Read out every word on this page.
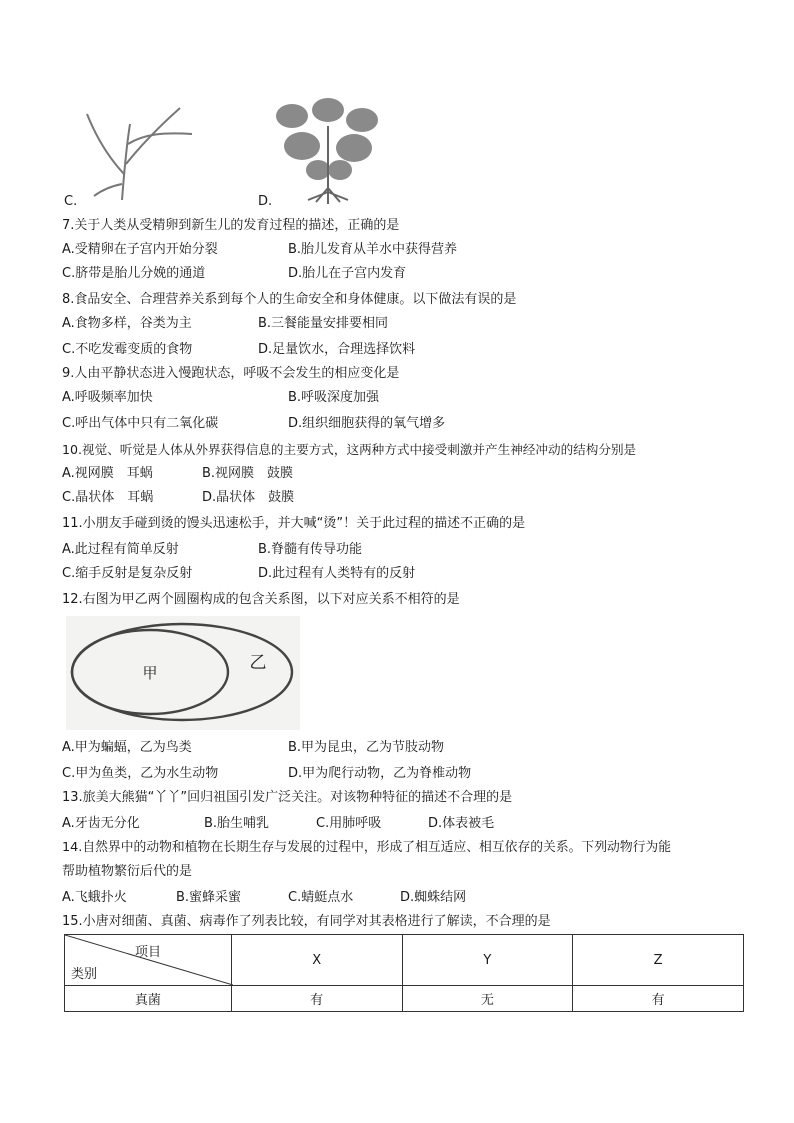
C.	D.
7.关于人类从受精卵到新生儿的发育过程的描述，正确的是
A.受精卵在子宫内开始分裂	B.胎儿发育从羊水中获得营养
C.脐带是胎儿分娩的通道	D.胎儿在子宫内发育
8.食品安全、合理营养关系到每个人的生命安全和身体健康。以下做法有误的是
A.食物多样，谷类为主	B.三餐能量安排要相同
C.不吃发霉变质的食物	D.足量饮水，合理选择饮料
9.人由平静状态进入慢跑状态，呼吸不会发生的相应变化是
A.呼吸频率加快	B.呼吸深度加强
C.呼出气体中只有二氧化碳	D.组织细胞获得的氧气增多
10.视觉、听觉是人体从外界获得信息的主要方式，这两种方式中接受刺激并产生神经冲动的结构分别是
A.视网膜　耳蜗	B.视网膜　鼓膜
C.晶状体　耳蜗	D.晶状体　鼓膜
11.小朋友手碰到烫的馒头迅速松手，并大喊“烫”！关于此过程的描述不正确的是
A.此过程有简单反射	B.脊髓有传导功能
C.缩手反射是复杂反射	D.此过程有人类特有的反射
12.右图为甲乙两个圆圈构成的包含关系图，以下对应关系不相符的是
甲	乙
A.甲为蝙蝠，乙为鸟类	B.甲为昆虫，乙为节肢动物
C.甲为鱼类，乙为水生动物	D.甲为爬行动物，乙为脊椎动物
13.旅美大熊猫“丫丫”回归祖国引发广泛关注。对该物种特征的描述不合理的是
A.牙齿无分化	B.胎生哺乳	C.用肺呼吸	D.体表被毛
14.自然界中的动物和植物在长期生存与发展的过程中，形成了相互适应、相互依存的关系。下列动物行为能
帮助植物繁衍后代的是
A.飞蛾扑火	B.蜜蜂采蜜	C.蜻蜓点水	D.蜘蛛结网
15.小唐对细菌、真菌、病毒作了列表比较，有同学对其表格进行了解读，不合理的是
项目
类别	X	Y	Z
真菌	有	无	有
